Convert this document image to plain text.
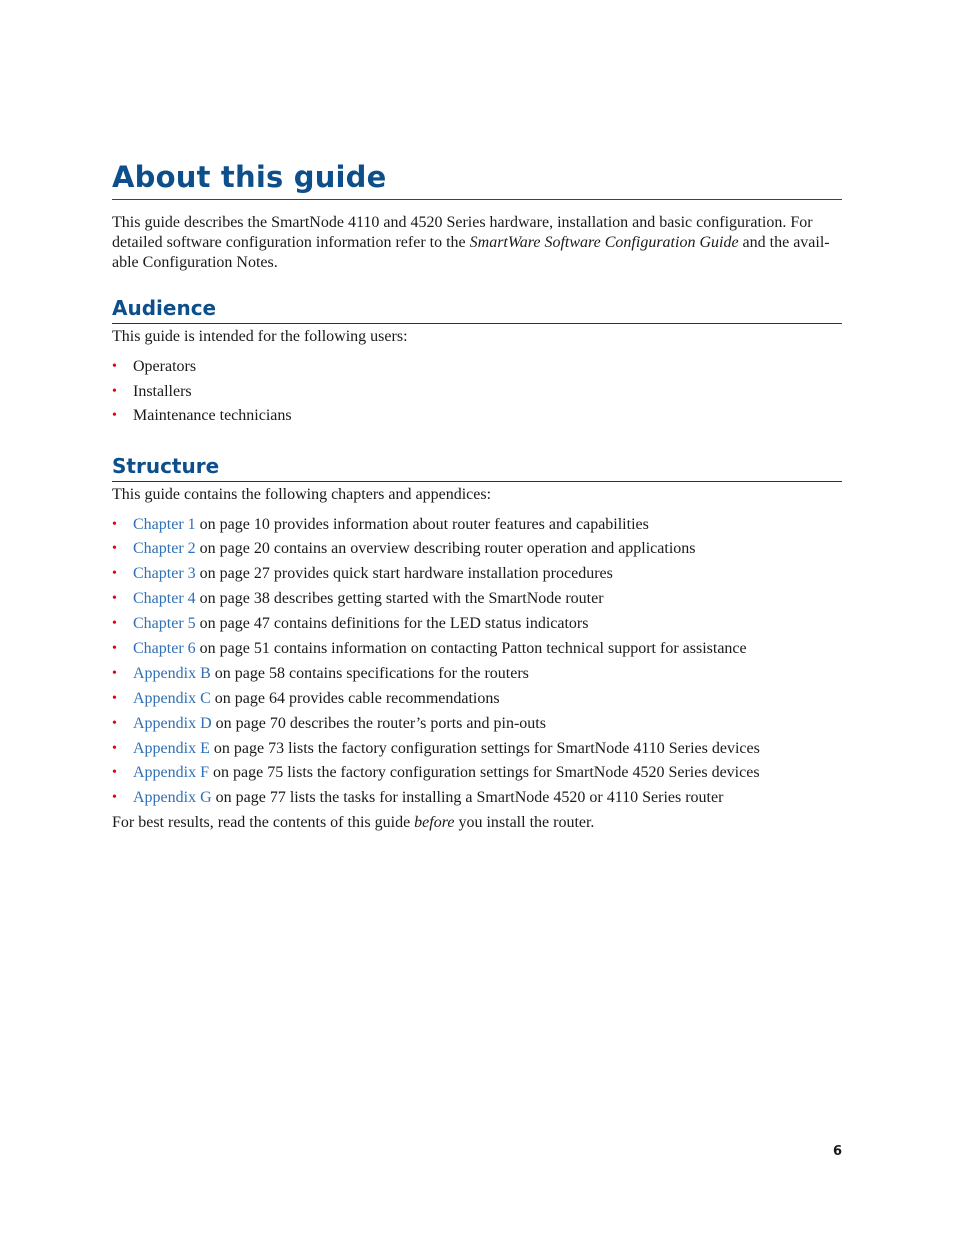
About this guide

This guide describes the SmartNode 4110 and 4520 Series hardware, installation and basic configuration. For detailed software configuration information refer to the SmartWare Software Configuration Guide and the avail-able Configuration Notes.

Audience

This guide is intended for the following users:

• Operators
• Installers
• Maintenance technicians
Structure

This guide contains the following chapters and appendices:

• Chapter 1 on page 10 provides information about router features and capabilities
• Chapter 2 on page 20 contains an overview describing router operation and applications
• Chapter 3 on page 27 provides quick start hardware installation procedures
• Chapter 4 on page 38 describes getting started with the SmartNode router
• Chapter 5 on page 47 contains definitions for the LED status indicators
• Chapter 6 on page 51 contains information on contacting Patton technical support for assistance
• Appendix B on page 58 contains specifications for the routers
• Appendix C on page 64 provides cable recommendations
• Appendix D on page 70 describes the router’s ports and pin-outs
• Appendix E on page 73 lists the factory configuration settings for SmartNode 4110 Series devices
• Appendix F on page 75 lists the factory configuration settings for SmartNode 4520 Series devices
• Appendix G on page 77 lists the tasks for installing a SmartNode 4520 or 4110 Series router

For best results, read the contents of this guide before you install the router.

6
